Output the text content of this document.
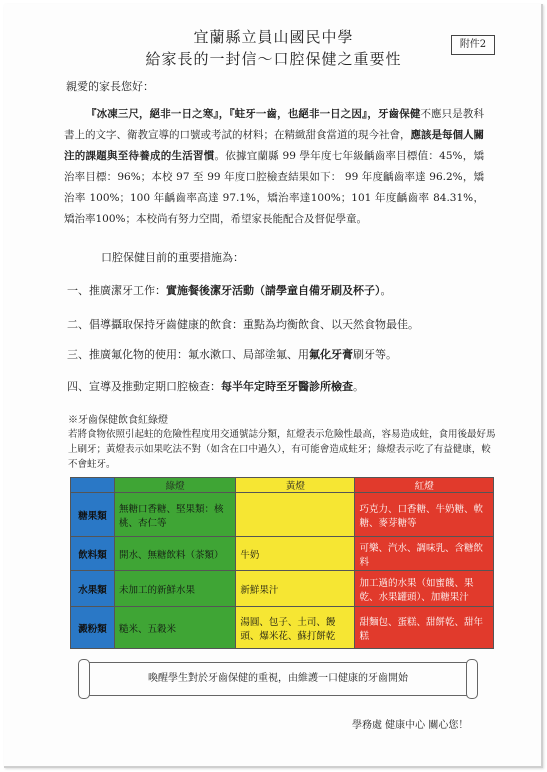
宜蘭縣立員山國民中學
給家長的一封信～口腔保健之重要性
附件2
親愛的家長您好：
『冰凍三尺，絕非一日之寒』，『蛀牙一齒，也絕非一日之因』，牙齒保健不應只是教科書上的文字、衛教宣導的口號或考試的材料；在精緻甜食當道的現今社會，應該是每個人關注的課題與至待養成的生活習慣。依據宜蘭縣 99 學年度七年級齲齒率目標值：45%，矯治率目標：96%；本校 97 至 99 年度口腔檢查結果如下： 99 年度齲齒率達 96.2%，矯治率 100%；100 年齲齒率高達 97.1%，矯治率達100%；101 年度齲齒率 84.31%，矯治率100%；本校尚有努力空間，希望家長能配合及督促學童。
口腔保健目前的重要措施為：
一、推廣潔牙工作：實施餐後潔牙活動（請學童自備牙刷及杯子）。
二、倡導攝取保持牙齒健康的飲食：重點為均衡飲食、以天然食物最佳。
三、推廣氟化物的使用：氟水漱口、局部塗氟、用氟化牙膏刷牙等。
四、宣導及推動定期口腔檢查：每半年定時至牙醫診所檢查。
※牙齒保健飲食紅綠燈
若將食物依照引起蛀的危險性程度用交通號誌分類，紅燈表示危險性最高，容易造成蛀，食用後最好馬上刷牙；黃燈表示如果吃法不對（如含在口中過久），有可能會造成蛀牙；綠燈表示吃了有益健康，較不會蛀牙。
	綠燈	黃燈	紅燈
糖果類	無糖口香糖、堅果類：核桃、杏仁等		巧克力、口香糖、牛奶糖、軟糖、麥芽糖等
飲料類	開水、無糖飲料（茶類）	牛奶	可樂、汽水、調味乳、含糖飲料
水果類	未加工的新鮮水果	新鮮果汁	加工過的水果（如蜜餞、果乾、水果罐頭）、加糖果汁
澱粉類	糙米、五穀米	湯圓、包子、土司、饅頭、爆米花、蘇打餅乾	甜麵包、蛋糕、甜餅乾、甜年糕
喚醒學生對於牙齒保健的重視，由維護一口健康的牙齒開始
學務處 健康中心 關心您！
